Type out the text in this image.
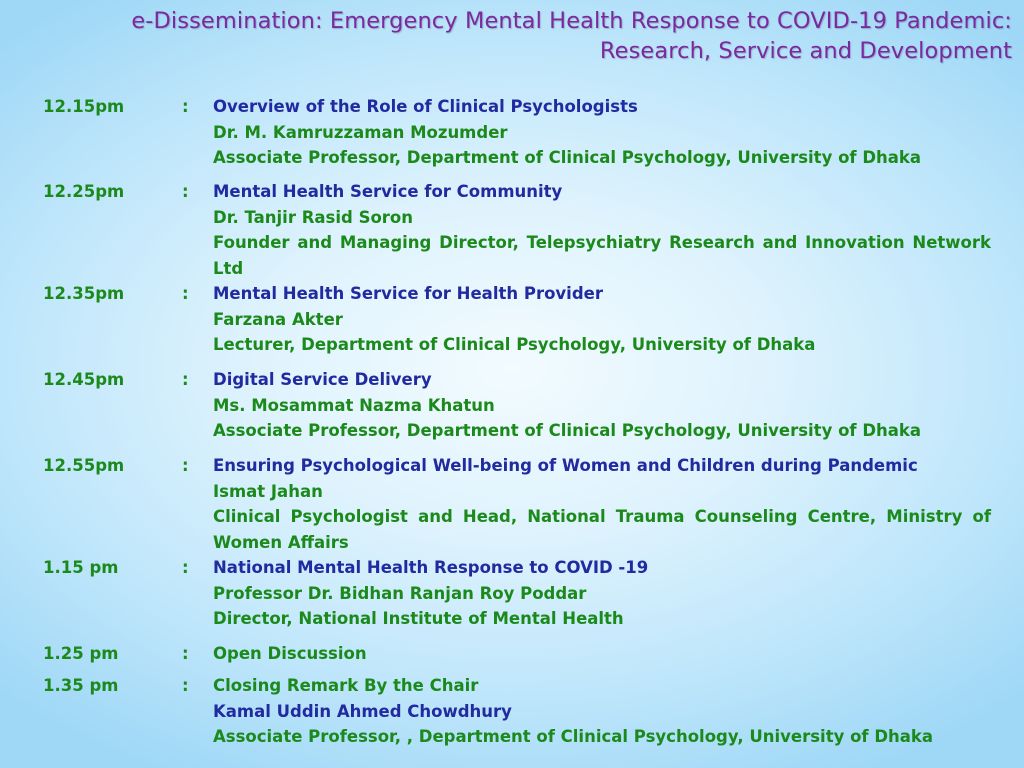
e-Dissemination: Emergency Mental Health Response to COVID-19 Pandemic:
Research, Service and Development
12.15pm	: Overview of the Role of Clinical Psychologists
Dr. M. Kamruzzaman Mozumder
Associate Professor, Department of Clinical Psychology, University of Dhaka
12.25pm	: Mental Health Service for Community
Dr. Tanjir Rasid Soron
Founder and Managing Director, Telepsychiatry Research and Innovation Network Ltd
12.35pm	: Mental Health Service for Health Provider
Farzana Akter
Lecturer, Department of Clinical Psychology, University of Dhaka
12.45pm	: Digital Service Delivery
Ms. Mosammat Nazma Khatun
Associate Professor, Department of Clinical Psychology, University of Dhaka
12.55pm	: Ensuring Psychological Well-being of Women and Children during Pandemic
Ismat Jahan
Clinical Psychologist and Head, National Trauma Counseling Centre, Ministry of Women Affairs
1.15 pm	: National Mental Health Response to COVID -19
Professor Dr. Bidhan Ranjan Roy Poddar
Director, National Institute of Mental Health
1.25 pm	: Open Discussion
1.35 pm	: Closing Remark By the Chair
Kamal Uddin Ahmed Chowdhury
Associate Professor, , Department of Clinical Psychology, University of Dhaka
